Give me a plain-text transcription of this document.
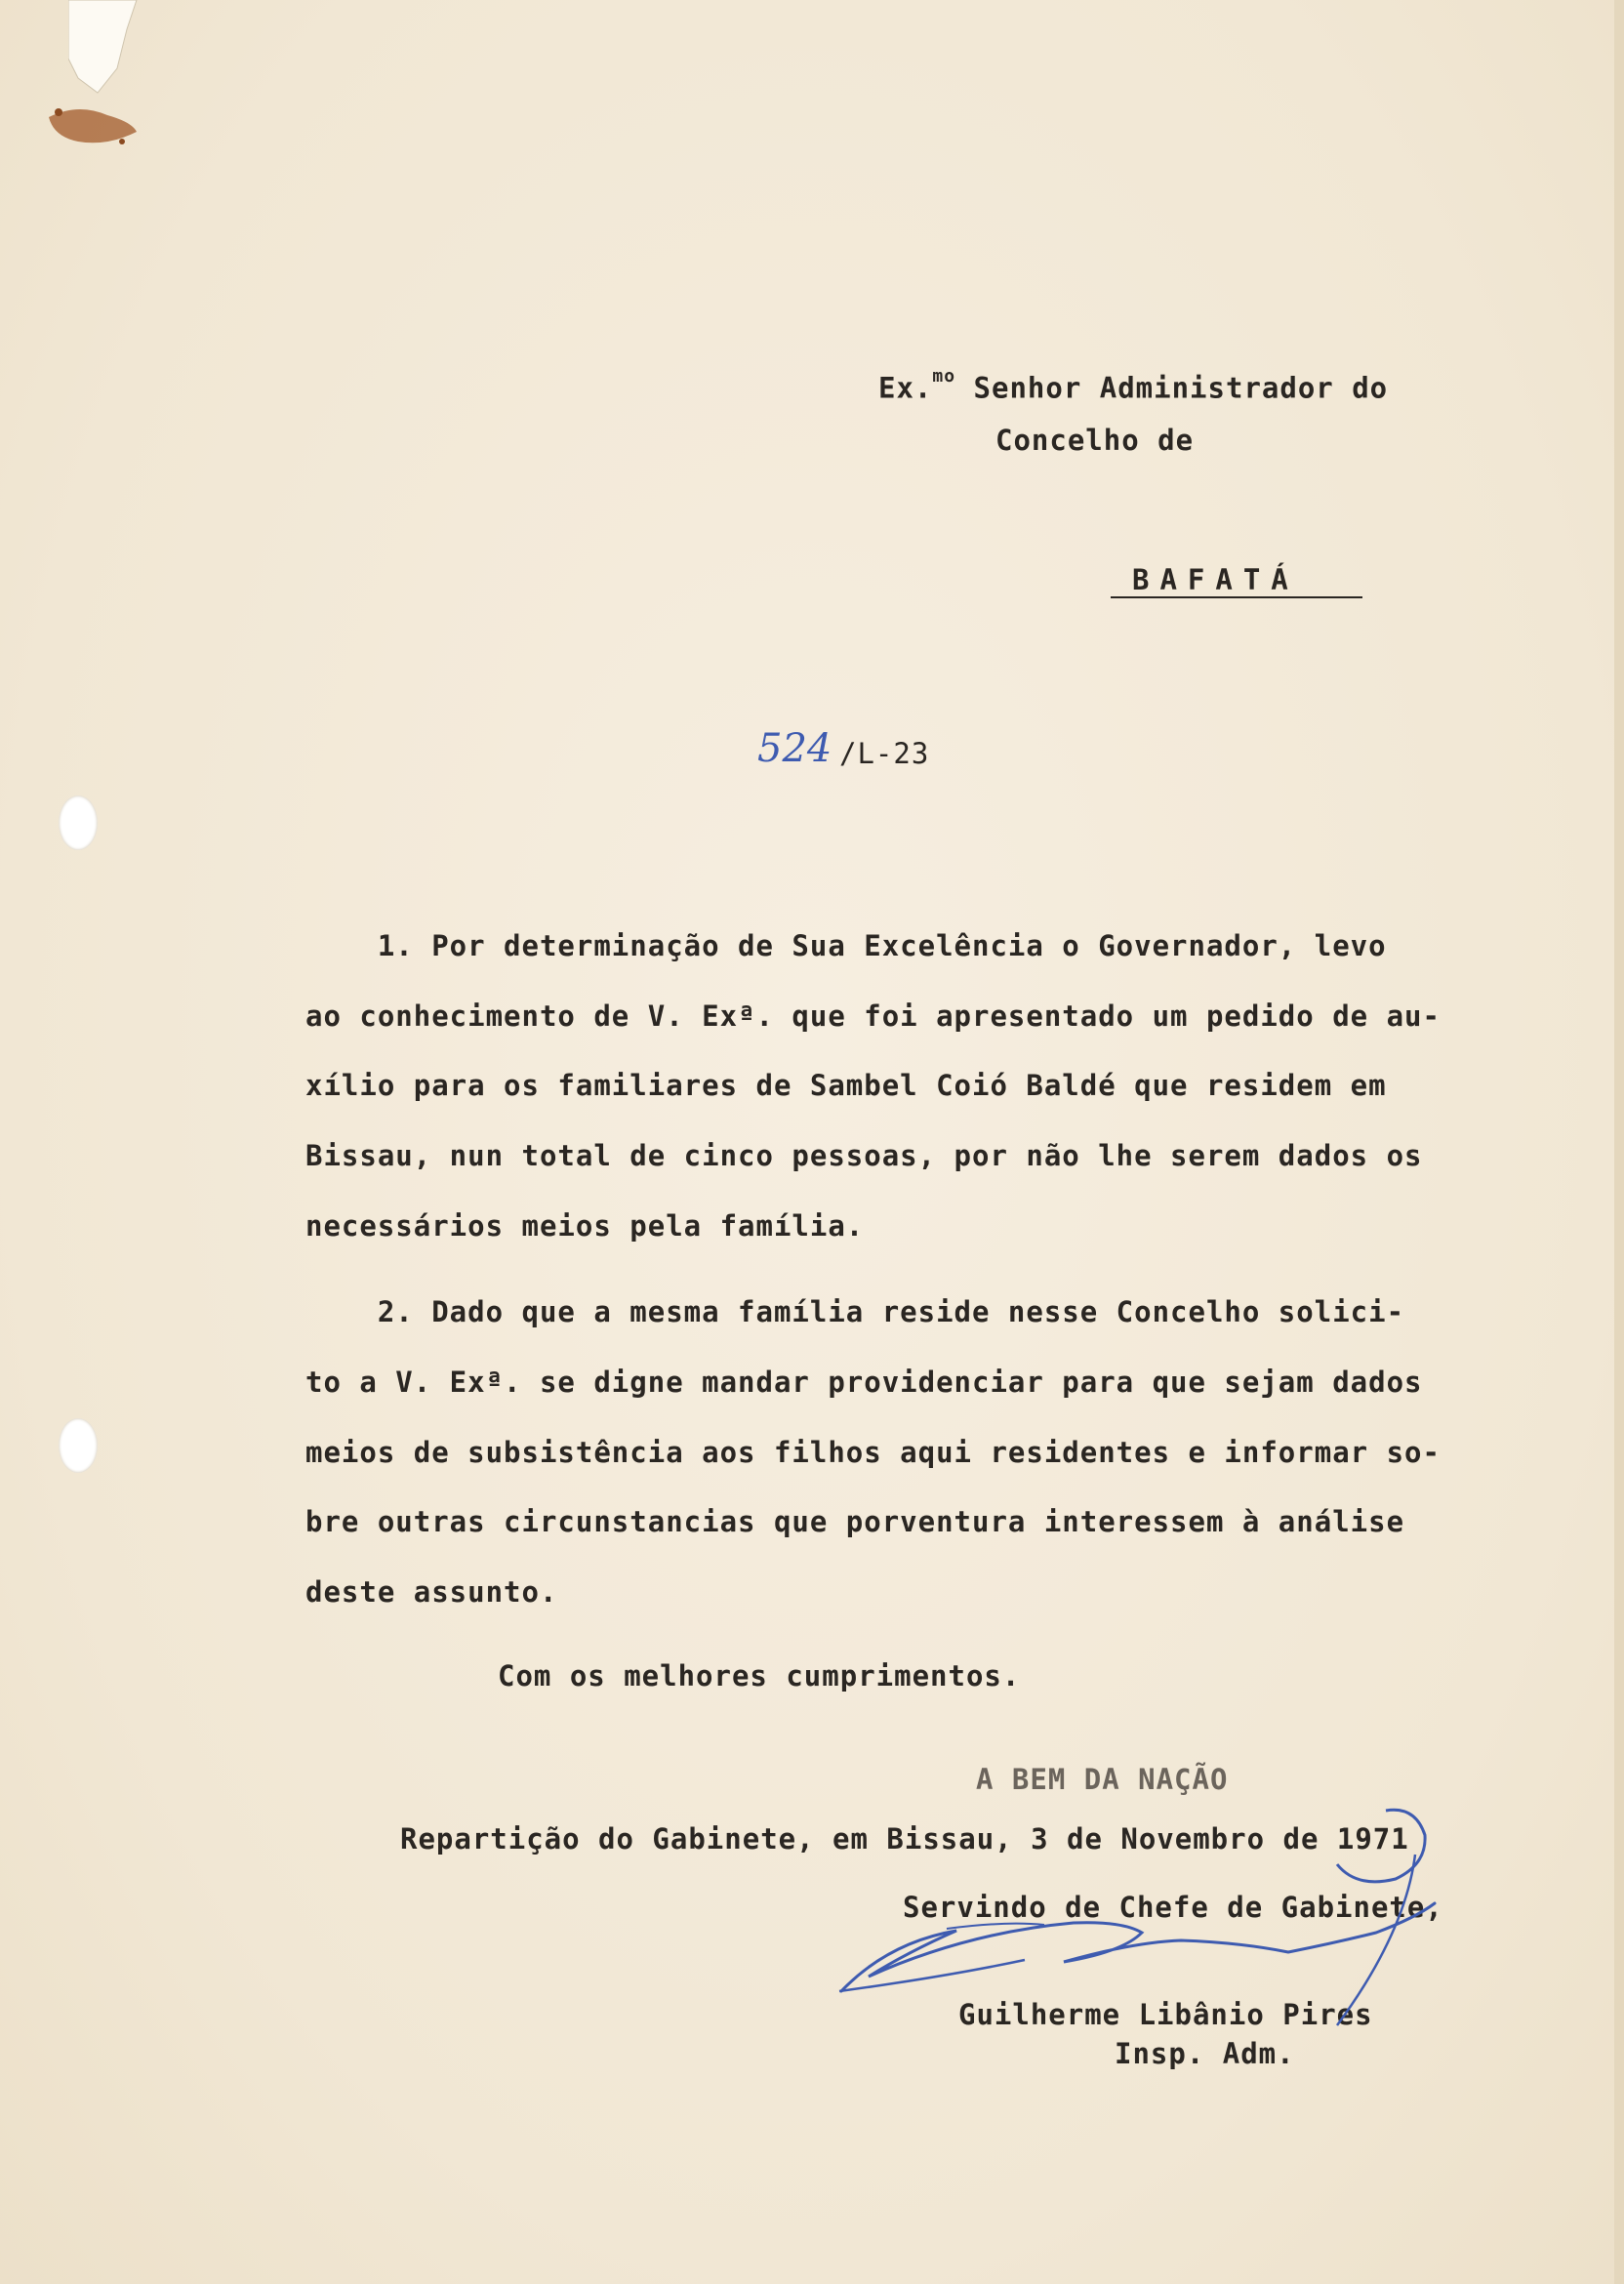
Ex.$^{mo}$ Senhor Administrador do
Concelho de
BAFATÁ
524 /L-23
1. Por determinação de Sua Excelência o Governador, levo
ao conhecimento de V. Exª. que foi apresentado um pedido de au-
xílio para os familiares de Sambel Coió Baldé que residem em
Bissau, nun total de cinco pessoas, por não lhe serem dados os
necessários meios pela família.
2. Dado que a mesma família reside nesse Concelho solici-
to a V. Exª. se digne mandar providenciar para que sejam dados
meios de subsistência aos filhos aqui residentes e informar so-
bre outras circunstancias que porventura interessem à análise
deste assunto.
Com os melhores cumprimentos.
A BEM DA NAÇÃO
Repartição do Gabinete, em Bissau, 3 de Novembro de 1971
Servindo de Chefe de Gabinete,
Guilherme Libânio Pires
Insp. Adm.
